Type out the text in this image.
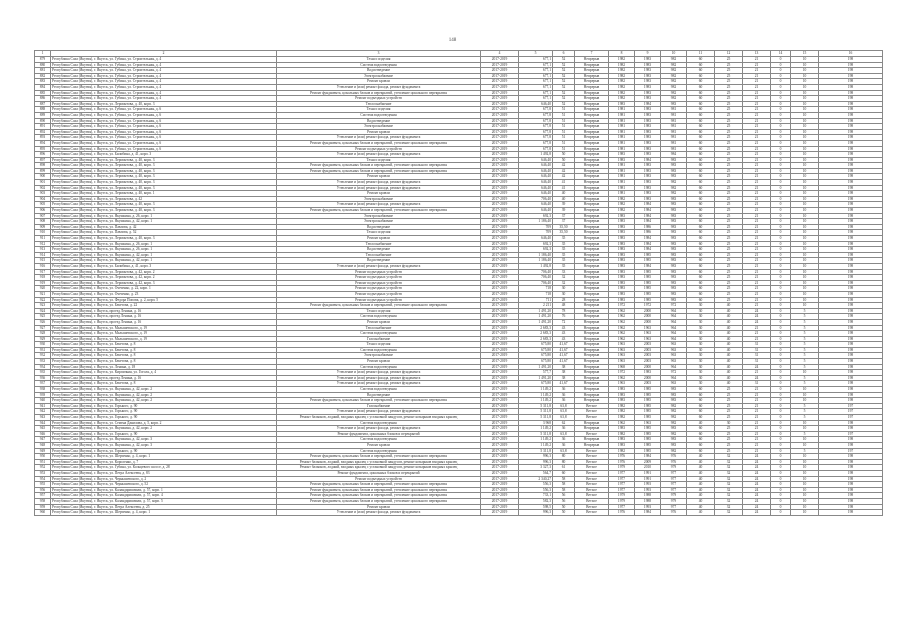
148
1	2	3	4	5	6	7	8	9	10	11	12	13	14	15	16
879	Республика Саха (Якутия), г. Якутск, ул. Губина, ул. Строительная, д. 4	Технос изделия	2017-2019	677,1	52	Непрерыв	1982	1983	982	60	25	21	0	10	198
880	Республика Саха (Якутия), г. Якутск, ул. Губина, ул. Строительная, д. 4	Система водоотведения	2017-2019	677,1	52	Непрерыв	1982	1983	982	60	25	21	0	10	198
881	Республика Саха (Якутия), г. Якутск, ул. Губина, ул. Строительная, д. 4	Водоотведение	2017-2019	677,1	52	Непрерыв	1982	1983	982	60	25	21	0	10	198
882	Республика Саха (Якутия), г. Якутск, ул. Губина, ул. Строительная, д. 4	Электроснабжение	2017-2019	677,1	52	Непрерыв	1982	1983	982	60	25	21	0	10	198
883	Республика Саха (Якутия), г. Якутск, ул. Губина, ул. Строительная, д. 4	Ремонт кровли	2017-2019	677,1	52	Непрерыв	1982	1983	982	60	25	21	0	10	198
884	Республика Саха (Якутия), г. Якутск, ул. Губина, ул. Строительная, д. 4	Утепление и (или) ремонт фасада, ремонт фундамента	2017-2019	677,1	52	Непрерыв	1982	1983	982	60	25	21	0	10	198
885	Республика Саха (Якутия), г. Якутск, ул. Губина, ул. Строительная, д. 4	Ремонт фундамента, цокольных блоков и перекрытий, утепление цокольного перекрытия	2017-2019	677,1	52	Непрерыв	1982	1983	982	60	25	21	0	10	198
886	Республика Саха (Якутия), г. Якутск, ул. Губина, ул. Строительная, д. 4	Ремонт подъездных устройств	2017-2019	677,1	52	Непрерыв	1982	1983	982	60	25	21	0	10	198
887	Республика Саха (Якутия), г. Якутск, ул. Лермонтова, д. 40, корп. 3	Теплоснабжение	2017-2019	646,40	52	Непрерыв	1983	1984	983	60	25	21	0	10	198
888	Республика Саха (Якутия), г. Якутск, ул. Губина, ул. Строительная, д. 6	Технос изделия	2017-2019	677,8	51	Непрерыв	1981	1983	981	60	25	21	0	10	198
889	Республика Саха (Якутия), г. Якутск, ул. Губина, ул. Строительная, д. 6	Система водоотведения	2017-2019	677,8	51	Непрерыв	1981	1983	981	60	25	21	0	10	198
890	Республика Саха (Якутия), г. Якутск, ул. Губина, ул. Строительная, д. 6	Водоотведение	2017-2019	677,8	51	Непрерыв	1981	1983	981	60	25	21	0	10	198
891	Республика Саха (Якутия), г. Якутск, ул. Губина, ул. Строительная, д. 6	Электроснабжение	2017-2019	677,8	51	Непрерыв	1981	1983	981	60	25	21	0	10	198
892	Республика Саха (Якутия), г. Якутск, ул. Губина, ул. Строительная, д. 6	Ремонт кровли	2017-2019	677,8	51	Непрерыв	1981	1983	981	60	25	21	0	10	198
893	Республика Саха (Якутия), г. Якутск, ул. Губина, ул. Строительная, д. 6	Утепление и (или) ремонт фасада, ремонт фундамента	2017-2019	677,8	51	Непрерыв	1981	1983	981	60	25	21	0	10	198
894	Республика Саха (Якутия), г. Якутск, ул. Губина, ул. Строительная, д. 6	Ремонт фундамента, цокольных блоков и перекрытий, утепление цокольного перекрытия	2017-2019	677,8	51	Непрерыв	1981	1983	981	60	25	21	0	10	198
895	Республика Саха (Якутия), г. Якутск, ул. Губина, ул. Строительная, д. 6	Ремонт подъездных устройств	2017-2019	677,8	51	Непрерыв	1981	1983	981	60	25	21	0	10	198
896	Республика Саха (Якутия), г. Якутск, ул. Билибина, д. 41, корп. 3	Утепление и (или) ремонт фасада, ремонт фундамента	2017-2019	1 492,8	50	Непрерыв	1983	1983	984	60	25	21	0	10	198
897	Республика Саха (Якутия), г. Якутск, ул. Лермонтова, д. 40, корп. 3	Технос изделия	2017-2019	646,40	50	Непрерыв	1983	1984	983	60	25	21	0	10	198
898	Республика Саха (Якутия), г. Якутск, ул. Лермонтова, д. 40, корп. 3	Ремонт фундамента, цокольных блоков и перекрытий, утепление цокольного перекрытия	2017-2019	646,40	42	Непрерыв	1981	1983	983	60	25	21	0	10	198
899	Республика Саха (Якутия), г. Якутск, ул. Лермонтова, д. 40, корп. 3	Ремонт фундамента, цокольных блоков и перекрытий, утепление цокольного перекрытия	2017-2019	646,40	42	Непрерыв	1981	1983	983	60	25	21	0	10	198
900	Республика Саха (Якутия), г. Якутск, ул. Лермонтова, д. 40, корп. 3	Ремонт кровли	2017-2019	646,40	42	Непрерыв	1981	1983	983	60	25	21	0	10	198
901	Республика Саха (Якутия), г. Якутск, ул. Лермонтова, д. 40, корп. 3	Утепление и (или) ремонт фасада, ремонт фундамента	2017-2019	646,40	41	Непрерыв	1981	1983	982	60	25	21	0	10	198
902	Республика Саха (Якутия), г. Якутск, ул. Лермонтова, д. 40, корп. 3	Утепление и (или) ремонт фасада, ремонт фундамента	2017-2019	646,40	41	Непрерыв	1981	1983	982	60	25	21	0	10	198
903	Республика Саха (Якутия), г. Якутск, ул. Лермонтова, д. 40, корп. 1	Ремонт кровли	2017-2019	646,40	40	Непрерыв	1981	1983	982	60	25	21	0	10	198
904	Республика Саха (Якутия), г. Якутск, ул. Лермонтова, д. 42	Электроснабжение	2017-2019	706,40	40	Непрерыв	1982	1983	983	60	25	21	0	10	198
905	Республика Саха (Якутия), г. Якутск, ул. Лермонтова, д. 40, корп. 3	Утепление и (или) ремонт фасада, ремонт фундамента	2017-2019	646,40	39	Непрерыв	1982	1984	983	60	25	21	0	10	198
906	Республика Саха (Якутия), г. Якутск, ул. Лермонтова, д. 40, корп. 3	Ремонт фундамента, цокольных блоков и перекрытий, утепление цокольного перекрытия	2017-2019	646,40	39	Непрерыв	1982	1984	983	60	25	21	0	10	198
907	Республика Саха (Якутия), г. Якутск, ул. Якушкина, д. 26, корп. 1	Электроснабжение	2017-2019	692,3	37	Непрерыв	1983	1984	983	60	25	21	0	10	198
908	Республика Саха (Якутия), г. Якутск, ул. Якушкина, д. 42, корп. 1	Электроснабжение	2017-2019	1 186,40	37	Непрерыв	1983	1984	983	60	25	21	0	10	198
909	Республика Саха (Якутия), г. Якутск, ул. Павлова, д. 42	Водоотведение	2017-2019	709	35,50	Непрерыв	1983	1986	983	60	25	21	0	10	198
910	Республика Саха (Якутия), г. Якутск, ул. Павлова, д. 52	Технос изделия	2017-2019	709	35,50	Непрерыв	1983	1986	983	60	25	21	0	10	198
911	Республика Саха (Якутия), г. Якутск, ул. Лермонтова, д. 40, корп. 3	Ремонт кровли	2017-2019	646,40	35	Непрерыв	1983	1984	983	60	25	21	0	10	198
912	Республика Саха (Якутия), г. Якутск, ул. Якушкина, д. 26, корп. 1	Теплоснабжение	2017-2019	692,3	35	Непрерыв	1983	1984	983	60	25	21	0	10	198
913	Республика Саха (Якутия), г. Якутск, ул. Якушкина, д. 26, корп. 1	Водоотведение	2017-2019	692,3	35	Непрерыв	1983	1984	983	60	25	21	0	10	198
914	Республика Саха (Якутия), г. Якутск, ул. Якушкина, д. 42, корп. 1	Теплоснабжение	2017-2019	1 186,40	35	Непрерыв	1983	1985	983	60	25	21	0	10	198
915	Республика Саха (Якутия), г. Якутск, ул. Якушкина, д. 42, корп. 1	Водоотведение	2017-2019	1 186,40	35	Непрерыв	1983	1985	983	60	25	21	0	10	198
916	Республика Саха (Якутия), г. Якутск, ул. Билибина, д. 41, корп. 3	Утепление и (или) ремонт фасада, ремонт фундамента	2017-2019	1 492,8	35	Непрерыв	1983	1984	983	60	25	21	0	10	198
917	Республика Саха (Якутия), г. Якутск, ул. Лермонтова, д. 42, корп. 2	Ремонт подъездных устройств	2017-2019	706,40	33	Непрерыв	1983	1985	983	60	25	21	0	10	198
918	Республика Саха (Якутия), г. Якутск, ул. Лермонтова, д. 42, корп. 2	Ремонт подъездных устройств	2017-2019	706,40	32	Непрерыв	1983	1985	983	60	25	21	0	10	198
919	Республика Саха (Якутия), г. Якутск, ул. Лермонтова, д. 42, корп. 3	Ремонт подъездных устройств	2017-2019	706,40	32	Непрерыв	1983	1985	983	60	25	21	0	10	198
920	Республика Саха (Якутия), г. Якутск, ул. Очеченко, д. 22, корп. 1	Ремонт подъездных устройств	2017-2019	718	30	Непрерыв	1983	1985	983	60	25	21	0	10	198
921	Республика Саха (Якутия), г. Якутск, ул. Очеченко, д. 23	Ремонт подъездных устройств	2017-2019	718	30	Непрерыв	1983	1985	983	60	25	21	0	10	198
922	Республика Саха (Якутия), г. Якутск, ул. Федора Попова, д. 2, корп. 5	Ремонт подъездных устройств	2017-2019	711	28	Непрерыв	1983	1985	983	60	25	21	0	10	198
923	Республика Саха (Якутия), г. Якутск, ул. Бекетова, д. 22	Ремонт фундамента, цокольных блоков и перекрытий, утепление цокольного перекрытия	2017-2019	2 211	48	Непрерыв	1972	1972	972	30	40	21	0	10	198
924	Республика Саха (Якутия), г. Якутск, проезд Ленина, д. 16	Технос изделия	2017-2019	1 491,20	78	Непрерыв	1962	2000	964	30	40	24	0	5	198
925	Республика Саха (Якутия), г. Якутск, проезд Ленина, д. 16	Система водоотведения	2017-2019	1 491,20	76	Непрерыв	1962	2000	964	30	40	24	0	5	198
926	Республика Саха (Якутия), г. Якутск, проезд Ленина, д. 16	Ремонт кровли	2017-2019	1 491,20	72	Непрерыв	1962	2000	964	30	40	24	0	5	198
927	Республика Саха (Якутия), г. Якутск, ул. Малышевского, д. 19	Теплоснабжение	2017-2019	2 683,3	43	Непрерыв	1962	1963	964	30	40	21	0	5	198
928	Республика Саха (Якутия), г. Якутск, ул. Малышевского, д. 19	Система водоотведения	2017-2019	2 683,3	43	Непрерыв	1962	1963	964	30	40	21	0	5	198
929	Республика Саха (Якутия), г. Якутск, ул. Малышевского, д. 19	Газоснабжение	2017-2019	2 683,3	43	Непрерыв	1962	1963	964	30	40	21	0	5	198
930	Республика Саха (Якутия), г. Якутск, ул. Бекетова, д. 8	Технос изделия	2017-2019	675,80	41,67	Непрерыв	1963	2003	963	30	40	31	0	5	198
931	Республика Саха (Якутия), г. Якутск, ул. Бекетова, д. 8	Система водоотведения	2017-2019	675,80	41,67	Непрерыв	1963	2003	963	30	40	31	0	5	198
932	Республика Саха (Якутия), г. Якутск, ул. Бекетова, д. 8	Электроснабжение	2017-2019	675,80	41,67	Непрерыв	1963	2003	963	30	40	31	0	5	198
933	Республика Саха (Якутия), г. Якутск, ул. Бекетова, д. 8	Ремонт кровли	2017-2019	675,80	41,67	Непрерыв	1963	2003	963	30	40	31	0	5	198
934	Республика Саха (Якутия), г. Якутск, ул. Ленина, д. 18	Система водоотведения	2017-2019	1 491,20	38	Непрерыв	1968	2000	964	30	40	24	0	5	198
935	Республика Саха (Якутия), г. Якутск, ул. Кирпичная, ул. Гоголя, д. 4	Утепление и (или) ремонт фасада, ремонт фундамента	2017-2019	577,7	38	Непрерыв	1972	1983	972	30	40	21	0	10	198
936	Республика Саха (Якутия), г. Якутск, проезд Ленина, д. 16	Утепление и (или) ремонт фасада, ремонт фундамента	2017-2019	1 491,20	38	Непрерыв	1962	2000	964	30	40	24	0	5	198
937	Республика Саха (Якутия), г. Якутск, ул. Бекетова, д. 8	Утепление и (или) ремонт фасада, ремонт фундамента	2017-2019	675,80	41,67	Непрерыв	1963	2003	963	30	40	31	0	5	198
938	Республика Саха (Якутия), г. Якутск, ул. Якушкина, д. 42, корп. 2	Система водоотведения	2017-2019	1 149,2	36	Непрерыв	1983	1985	983	60	25	21	0	10	198
939	Республика Саха (Якутия), г. Якутск, ул. Якушкина, д. 42, корп. 2	Водоотведение	2017-2019	1 149,2	36	Непрерыв	1983	1985	983	60	25	21	0	10	198
940	Республика Саха (Якутия), г. Якутск, ул. Якушкина, д. 42, корп. 2	Ремонт фундамента, цокольных блоков и перекрытий, утепление цокольного перекрытия	2017-2019	1 149,2	36	Непрерыв	1983	1985	983	60	25	21	0	10	198
941	Республика Саха (Якутия), г. Якутск, ул. Горького, д. 90	Газоснабжение	2017-2019	5 311,8	63,8	Ветхое	1982	1985	982	60	25	21	0	5	197
942	Республика Саха (Якутия), г. Якутск, ул. Горького, д. 90	Утепление и (или) ремонт фасада, ремонт фундамента	2017-2019	5 311,8	63,8	Ветхое	1982	1985	982	60	25	21	0	5	197
943	Республика Саха (Якутия), г. Якутск, ул. Горького, д. 90	Ремонт балконов, лоджий, входных крылец с установкой пандусов, ремонт козырьков входных крылец	2017-2019	5 311,8	63,8	Ветхое	1982	1985	982	60	25	21	0	5	197
944	Республика Саха (Якутия), г. Якутск, ул. Семена Данилова, д. 5, корп. 2	Система водоотведения	2017-2019	3 968	62	Непрерыв	1962	1963	982	40	30	21	0	10	198
945	Республика Саха (Якутия), г. Якутск, ул. Якушкина, д. 42, корп. 2	Утепление и (или) ремонт фасада, ремонт фундамента	2017-2019	1 149,2	36	Непрерыв	1983	1985	983	60	25	21	0	10	198
946	Республика Саха (Якутия), г. Якутск, ул. Горького, д. 90	Ремонт фундамента, цокольных блоков и перекрытий	2017-2019	5 311,8	63,8	Ветхое	1982	1985	982	60	25	21	0	5	197
947	Республика Саха (Якутия), г. Якутск, ул. Якушкина, д. 42, корп. 3	Система водоотведения	2017-2019	1 149,2	36	Непрерыв	1983	1985	983	60	25	21	0	10	198
948	Республика Саха (Якутия), г. Якутск, ул. Якушкина, д. 42, корп. 3	Ремонт кровли	2017-2019	1 149,2	36	Непрерыв	1983	1985	983	60	25	21	0	10	198
949	Республика Саха (Якутия), г. Якутск, ул. Горького, д. 90	Система водоотведения	2017-2019	5 311,8	63,8	Ветхое	1982	1985	982	60	25	21	0	5	197
950	Республика Саха (Якутия), г. Якутск, ул. Шерченко, д. 4, корп. 1	Ремонт фундамента, цокольных блоков и перекрытий, утепление цокольного перекрытия	2017-2019	996,3	80	Ветхое	1976	1984	976	40	32	24	0	10	198
951	Республика Саха (Якутия), г. Якутск, ул. Короленко, д. 7	Ремонт балконов, лоджий, входных крылец с установкой пандусов, ремонт козырьков входных крылец	2017-2019	996,3	80	Ветхое	1976	2009	976	40	32	24	0	10	198
952	Республика Саха (Якутия), г. Якутск, ул. Губина, ул. Кольцевого шоссе, д. 28	Ремонт балконов, лоджий, входных крылец с установкой пандусов, ремонт козырьков входных крылец	2017-2019	3 327,3	61	Ветхое	1979	2010	979	40	32	24	0	10	198
953	Республика Саха (Якутия), г. Якутск, ул. Петра Алексеева, д. 83	Ремонт фундамента, цокольных блоков и перекрытий	2017-2019	564,7	60	Ветхое	1977	1991	977	40	32	24	0	10	198
954	Республика Саха (Якутия), г. Якутск, ул. Чернышевского, д. 2	Ремонт подъездных устройств	2017-2019	2 340,27	58	Ветхое	1977	1991	977	40	32	24	0	10	198
955	Республика Саха (Якутия), г. Якутск, ул. Чернышевского, д. 52	Ремонт фундамента, цокольных блоков и перекрытий, утепление цокольного перекрытия	2017-2019	556,3	58	Ветхое	1977	1993	977	40	32	24	0	10	198
956	Республика Саха (Якутия), г. Якутск, ул. Каландаришвили, д. 57, корп. 1	Ремонт фундамента, цокольных блоков и перекрытий, утепление цокольного перекрытия	2017-2019	556,3	58	Ветхое	1977	1993	977	40	32	24	0	10	198
957	Республика Саха (Якутия), г. Якутск, ул. Каландаришвили, д. 57, корп. 4	Ремонт фундамента, цокольных блоков и перекрытий, утепление цокольного перекрытия	2017-2019	733,1	56	Ветхое	1979	1988	979	40	32	24	0	10	198
958	Республика Саха (Якутия), г. Якутск, ул. Каландаришвили, д. 57, корп. 5	Ремонт фундамента, цокольных блоков и перекрытий, утепление цокольного перекрытия	2017-2019	582,3	56	Ветхое	1979	1988	979	40	32	24	0	10	198
959	Республика Саха (Якутия), г. Якутск, ул. Петра Алексеева, д. 25	Ремонт кровли	2017-2019	598,5	50	Ветхое	1977	1993	977	40	32	24	0	10	198
960	Республика Саха (Якутия), г. Якутск, ул. Шерченко, д. 4, корп. 1	Утепление и (или) ремонт фасада, ремонт фундамента	2017-2019	996,3	50	Ветхое	1976	1984	976	40	32	24	0	10	198
